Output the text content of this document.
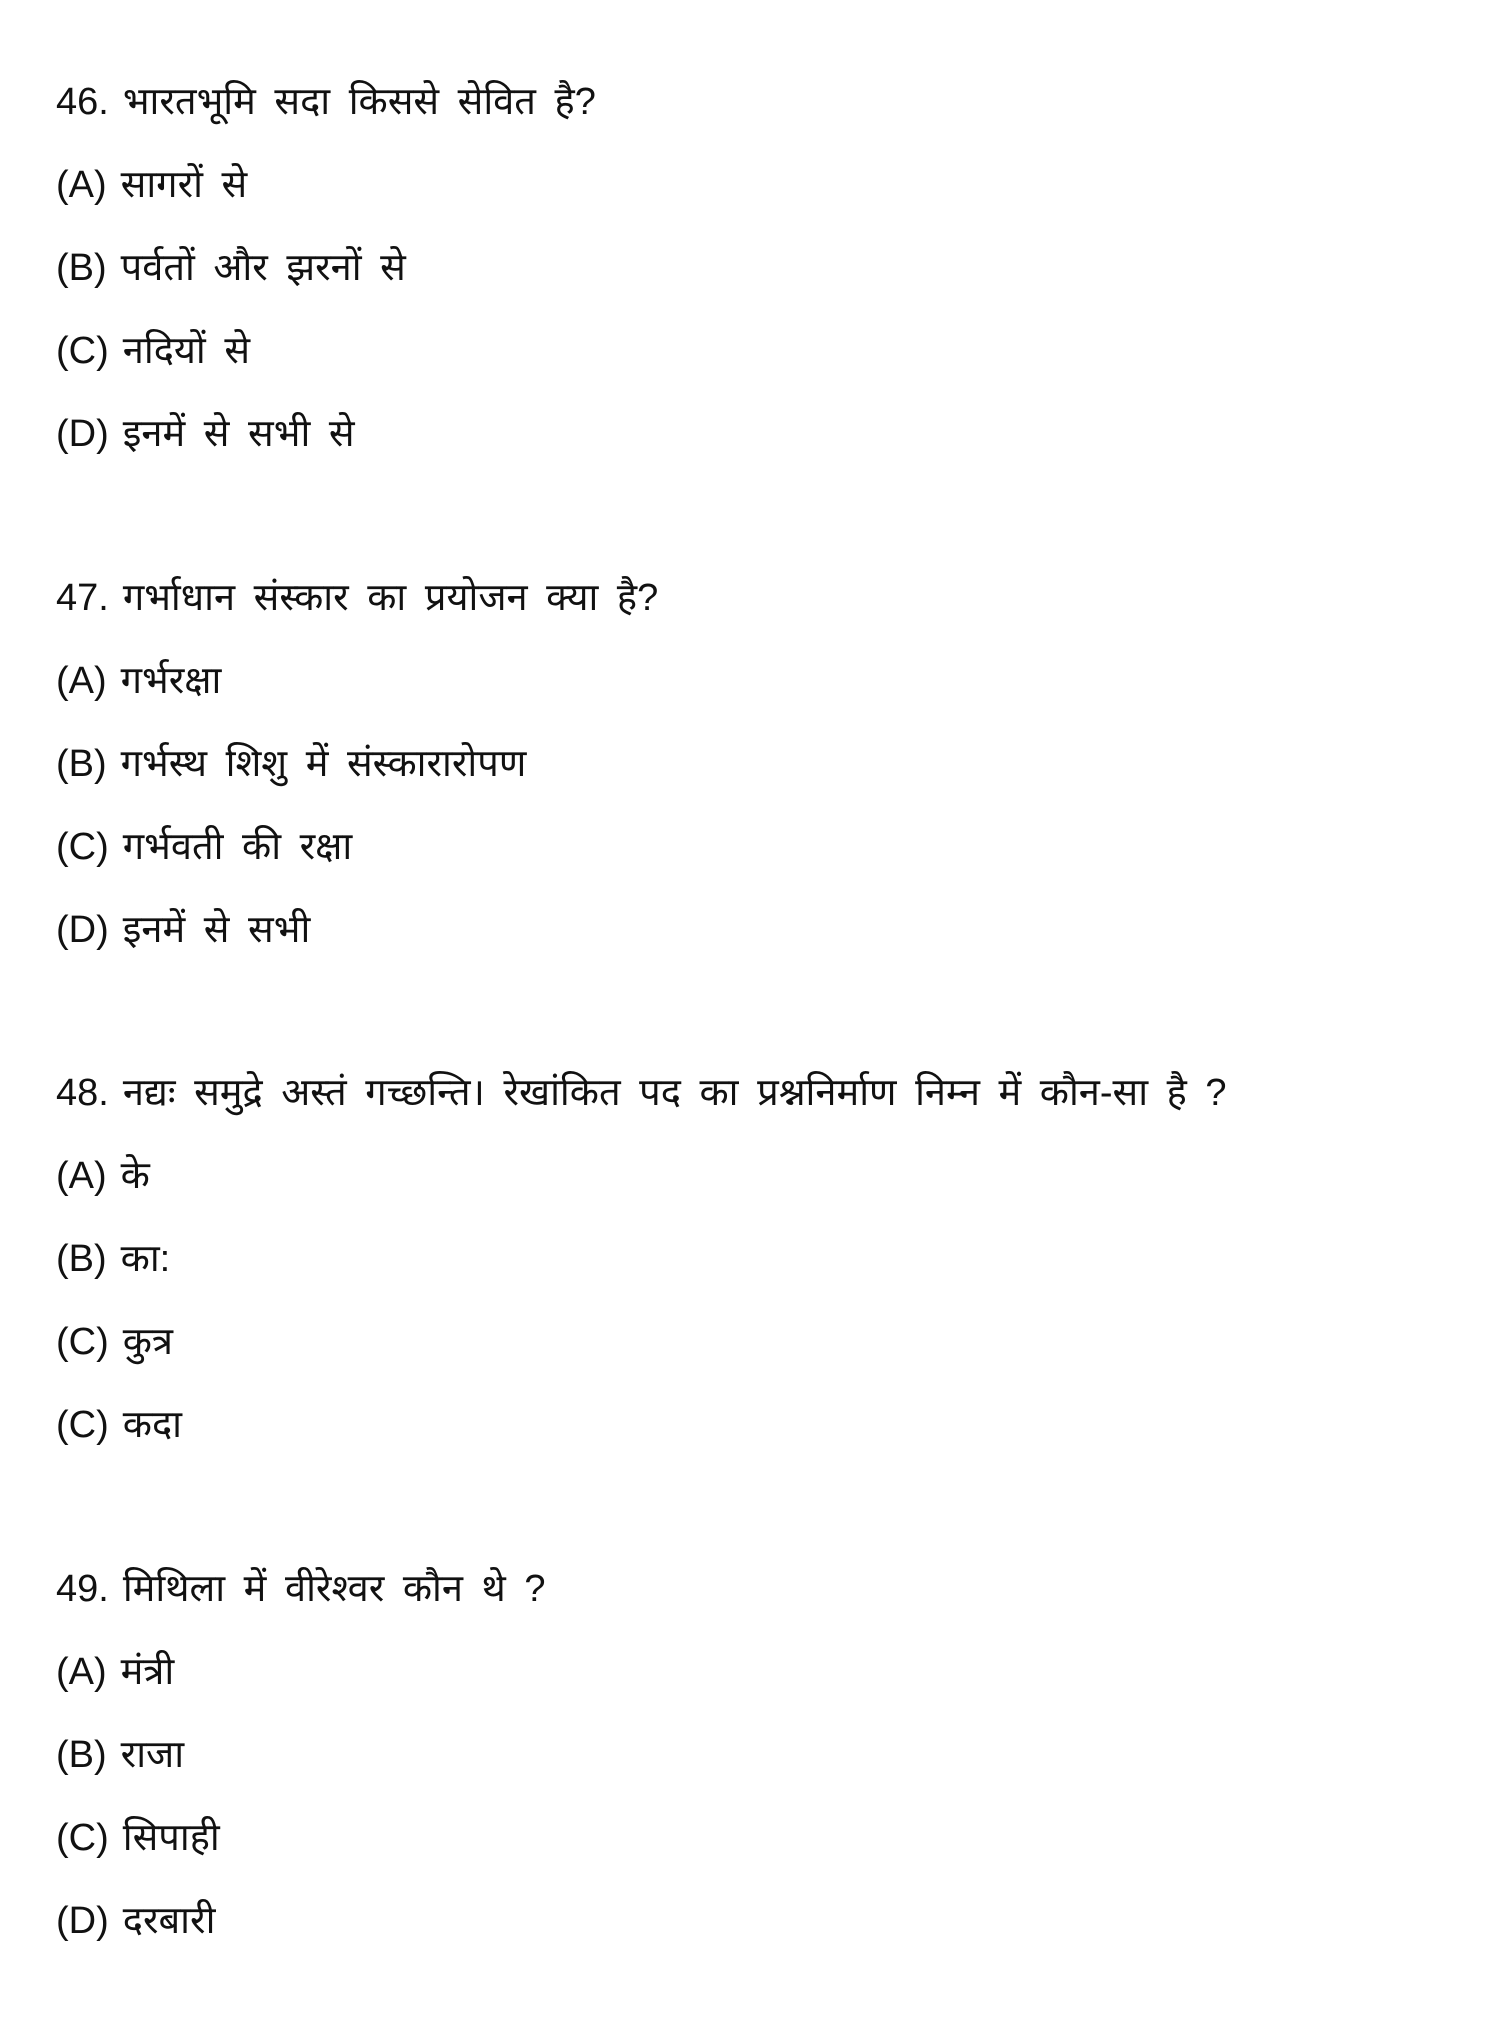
46. भारतभूमि सदा किससे सेवित है?
(A) सागरों से
(B) पर्वतों और झरनों से
(C) नदियों से
(D) इनमें से सभी से
47. गर्भाधान संस्कार का प्रयोजन क्या है?
(A) गर्भरक्षा
(B) गर्भस्थ शिशु में संस्कारारोपण
(C) गर्भवती की रक्षा
(D) इनमें से सभी
48. नद्यः समुद्रे अस्तं गच्छन्ति। रेखांकित पद का प्रश्ननिर्माण निम्न में कौन-सा है ?
(A) के
(B) का:
(C) कुत्र
(C) कदा
49. मिथिला में वीरेश्वर कौन थे ?
(A) मंत्री
(B) राजा
(C) सिपाही
(D) दरबारी
